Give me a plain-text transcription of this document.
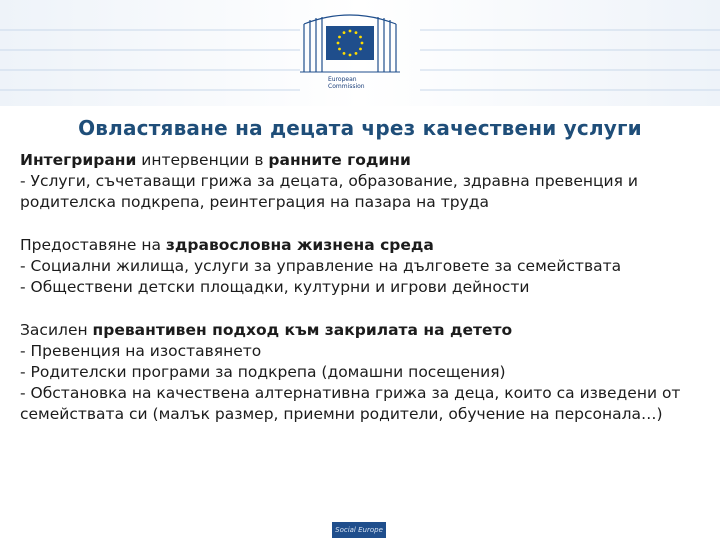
European
Commission
Овластяване на децата чрез качествени услуги

Интегрирани интервенции в ранните години

- Услуги, съчетаващи грижа за децата, образование, здравна превенция и родителска подкрепа, реинтеграция на пазара на труда

Предоставяне на здравословна жизнена среда

- Социални жилища, услуги за управление на дълговете за семействата

- Обществени детски площадки, културни и игрови дейности

Засилен превантивен подход към закрилата на детето

- Превенция на изоставянето

- Родителски програми за подкрепа (домашни посещения)

- Обстановка на качествена алтернативна грижа за деца, които са изведени от семействата си (малък размер, приемни родители, обучение на персонала…)

Social Europe
